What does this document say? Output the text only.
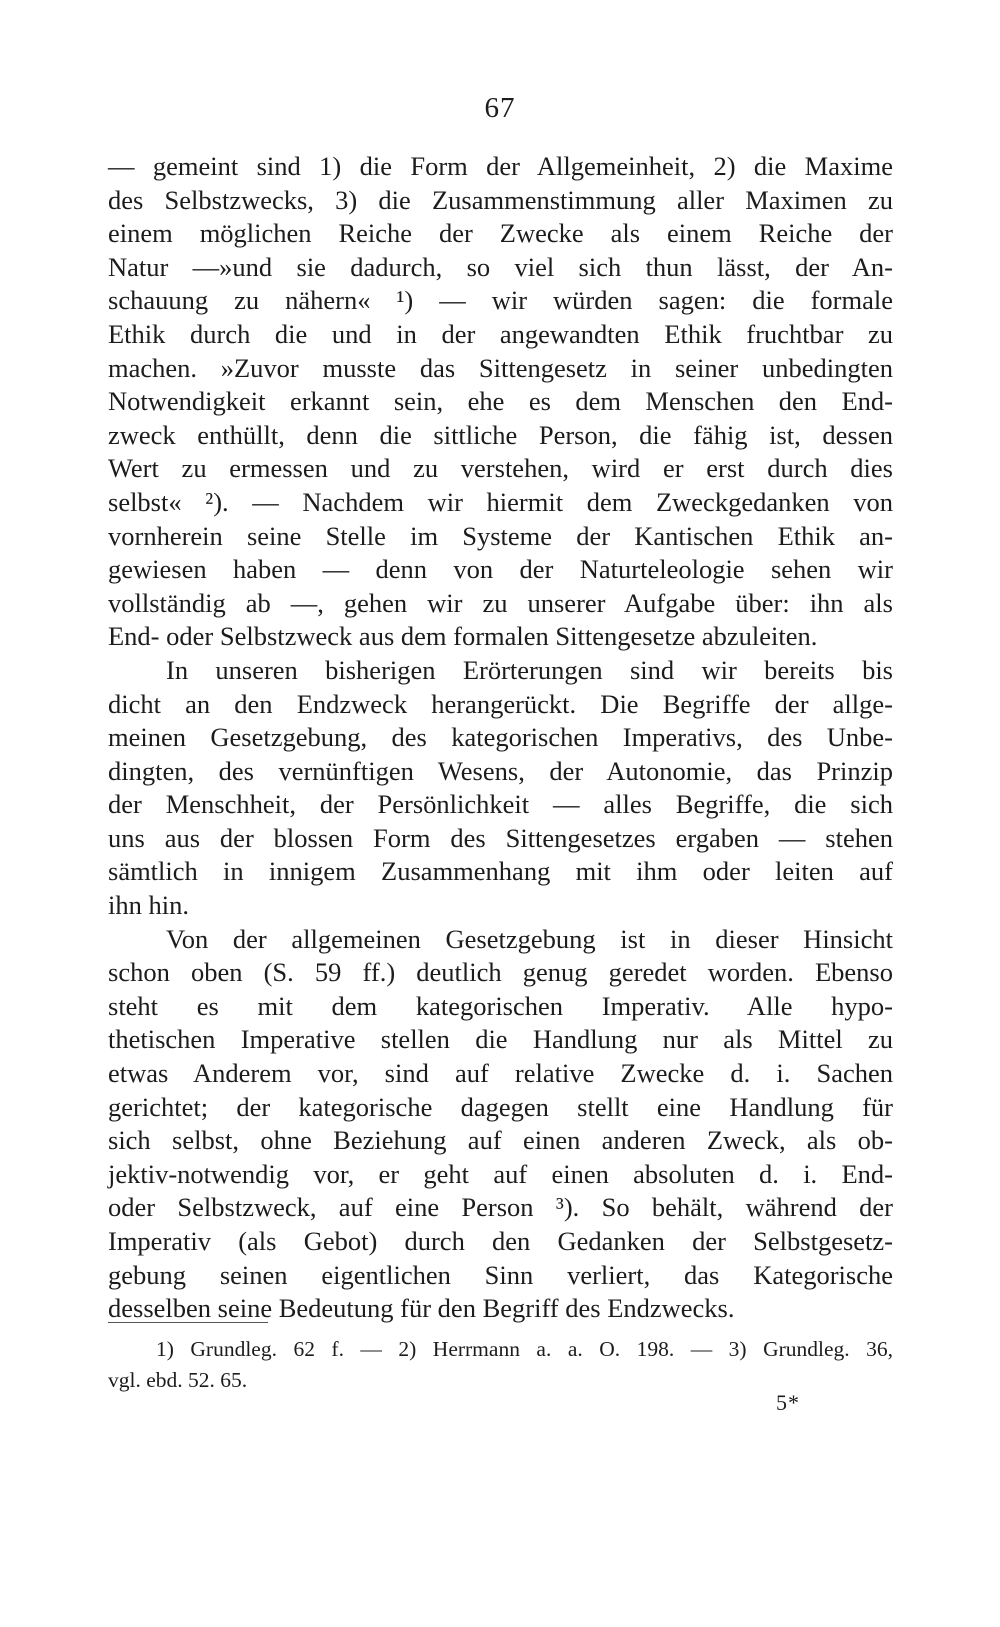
67
— gemeint sind 1) die Form der Allgemeinheit, 2) die Maxime
des Selbstzwecks, 3) die Zusammenstimmung aller Maximen zu
einem möglichen Reiche der Zwecke als einem Reiche der
Natur —»und sie dadurch, so viel sich thun lässt, der An-
schauung zu nähern« ¹) — wir würden sagen: die formale
Ethik durch die und in der angewandten Ethik fruchtbar zu
machen. »Zuvor musste das Sittengesetz in seiner unbedingten
Notwendigkeit erkannt sein, ehe es dem Menschen den End-
zweck enthüllt, denn die sittliche Person, die fähig ist, dessen
Wert zu ermessen und zu verstehen, wird er erst durch dies
selbst« ²). — Nachdem wir hiermit dem Zweckgedanken von
vornherein seine Stelle im Systeme der Kantischen Ethik an-
gewiesen haben — denn von der Naturteleologie sehen wir
vollständig ab —, gehen wir zu unserer Aufgabe über: ihn als
End- oder Selbstzweck aus dem formalen Sittengesetze abzuleiten.
In unseren bisherigen Erörterungen sind wir bereits bis
dicht an den Endzweck herangerückt. Die Begriffe der allge-
meinen Gesetzgebung, des kategorischen Imperativs, des Unbe-
dingten, des vernünftigen Wesens, der Autonomie, das Prinzip
der Menschheit, der Persönlichkeit — alles Begriffe, die sich
uns aus der blossen Form des Sittengesetzes ergaben — stehen
sämtlich in innigem Zusammenhang mit ihm oder leiten auf
ihn hin.
Von der allgemeinen Gesetzgebung ist in dieser Hinsicht
schon oben (S. 59 ff.) deutlich genug geredet worden. Ebenso
steht es mit dem kategorischen Imperativ. Alle hypo-
thetischen Imperative stellen die Handlung nur als Mittel zu
etwas Anderem vor, sind auf relative Zwecke d. i. Sachen
gerichtet; der kategorische dagegen stellt eine Handlung für
sich selbst, ohne Beziehung auf einen anderen Zweck, als ob-
jektiv-notwendig vor, er geht auf einen absoluten d. i. End-
oder Selbstzweck, auf eine Person ³). So behält, während der
Imperativ (als Gebot) durch den Gedanken der Selbstgesetz-
gebung seinen eigentlichen Sinn verliert, das Kategorische
desselben seine Bedeutung für den Begriff des Endzwecks.
1) Grundleg. 62 f. — 2) Herrmann a. a. O. 198. — 3) Grundleg. 36,
vgl. ebd. 52. 65.
5*
